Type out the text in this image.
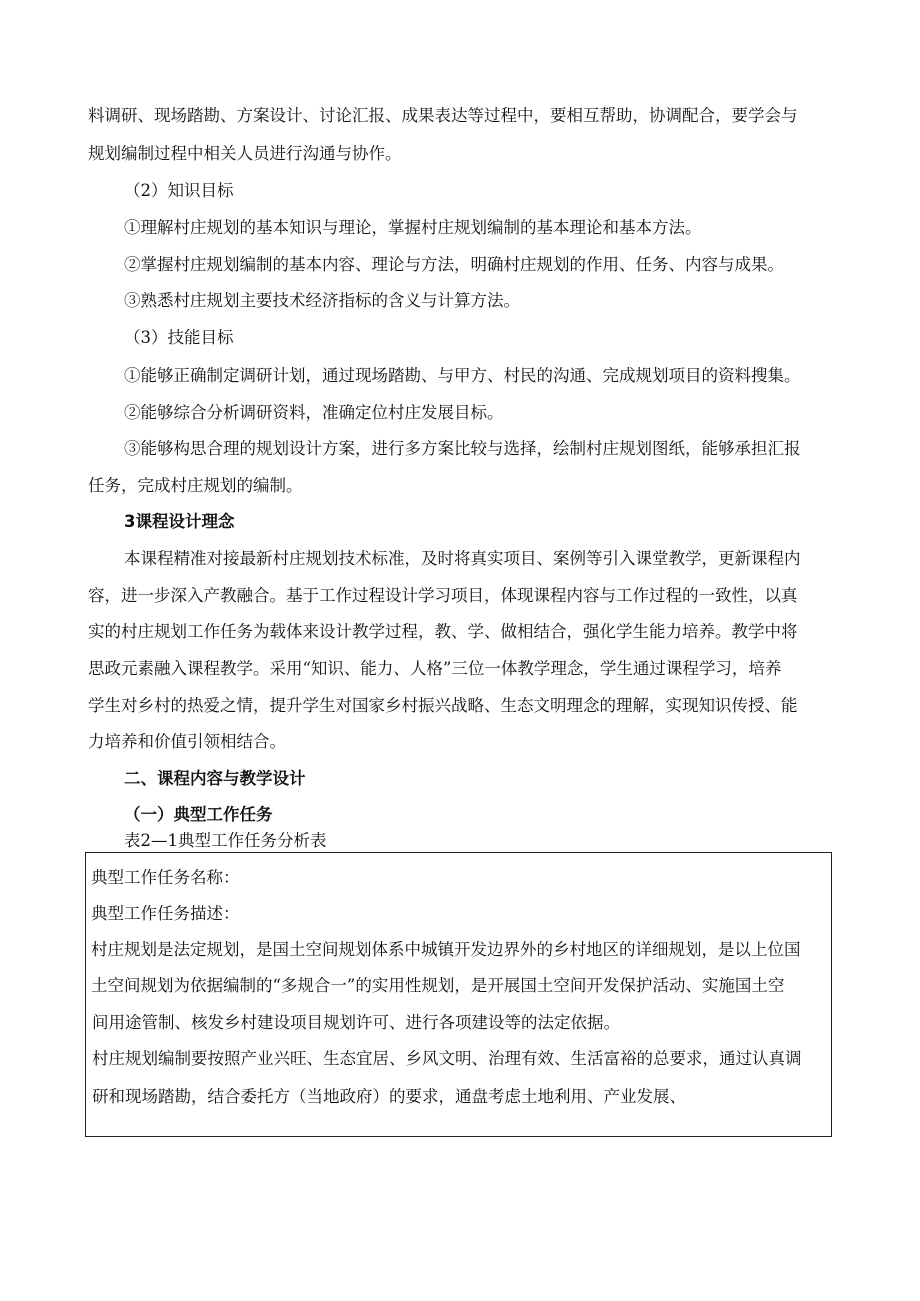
料调研、现场踏勘、方案设计、讨论汇报、成果表达等过程中，要相互帮助，协调配合，要学会与

规划编制过程中相关人员进行沟通与协作。

（2）知识目标

①理解村庄规划的基本知识与理论，掌握村庄规划编制的基本理论和基本方法。

②掌握村庄规划编制的基本内容、理论与方法，明确村庄规划的作用、任务、内容与成果。

③熟悉村庄规划主要技术经济指标的含义与计算方法。

（3）技能目标

①能够正确制定调研计划，通过现场踏勘、与甲方、村民的沟通、完成规划项目的资料搜集。

②能够综合分析调研资料，准确定位村庄发展目标。

③能够构思合理的规划设计方案，进行多方案比较与选择，绘制村庄规划图纸，能够承担汇报

任务，完成村庄规划的编制。

3课程设计理念

本课程精准对接最新村庄规划技术标准，及时将真实项目、案例等引入课堂教学，更新课程内

容，进一步深入产教融合。基于工作过程设计学习项目，体现课程内容与工作过程的一致性，以真

实的村庄规划工作任务为载体来设计教学过程，教、学、做相结合，强化学生能力培养。教学中将

思政元素融入课程教学。采用“知识、能力、人格”三位一体教学理念，学生通过课程学习，培养

学生对乡村的热爱之情，提升学生对国家乡村振兴战略、生态文明理念的理解，实现知识传授、能

力培养和价值引领相结合。

二、课程内容与教学设计

（一）典型工作任务

表2—1典型工作任务分析表

典型工作任务名称：

典型工作任务描述：

村庄规划是法定规划，是国土空间规划体系中城镇开发边界外的乡村地区的详细规划，是以上位国

土空间规划为依据编制的“多规合一”的实用性规划，是开展国土空间开发保护活动、实施国土空

间用途管制、核发乡村建设项目规划许可、进行各项建设等的法定依据。

村庄规划编制要按照产业兴旺、生态宜居、乡风文明、治理有效、生活富裕的总要求，通过认真调

研和现场踏勘，结合委托方（当地政府）的要求，通盘考虑土地利用、产业发展、
